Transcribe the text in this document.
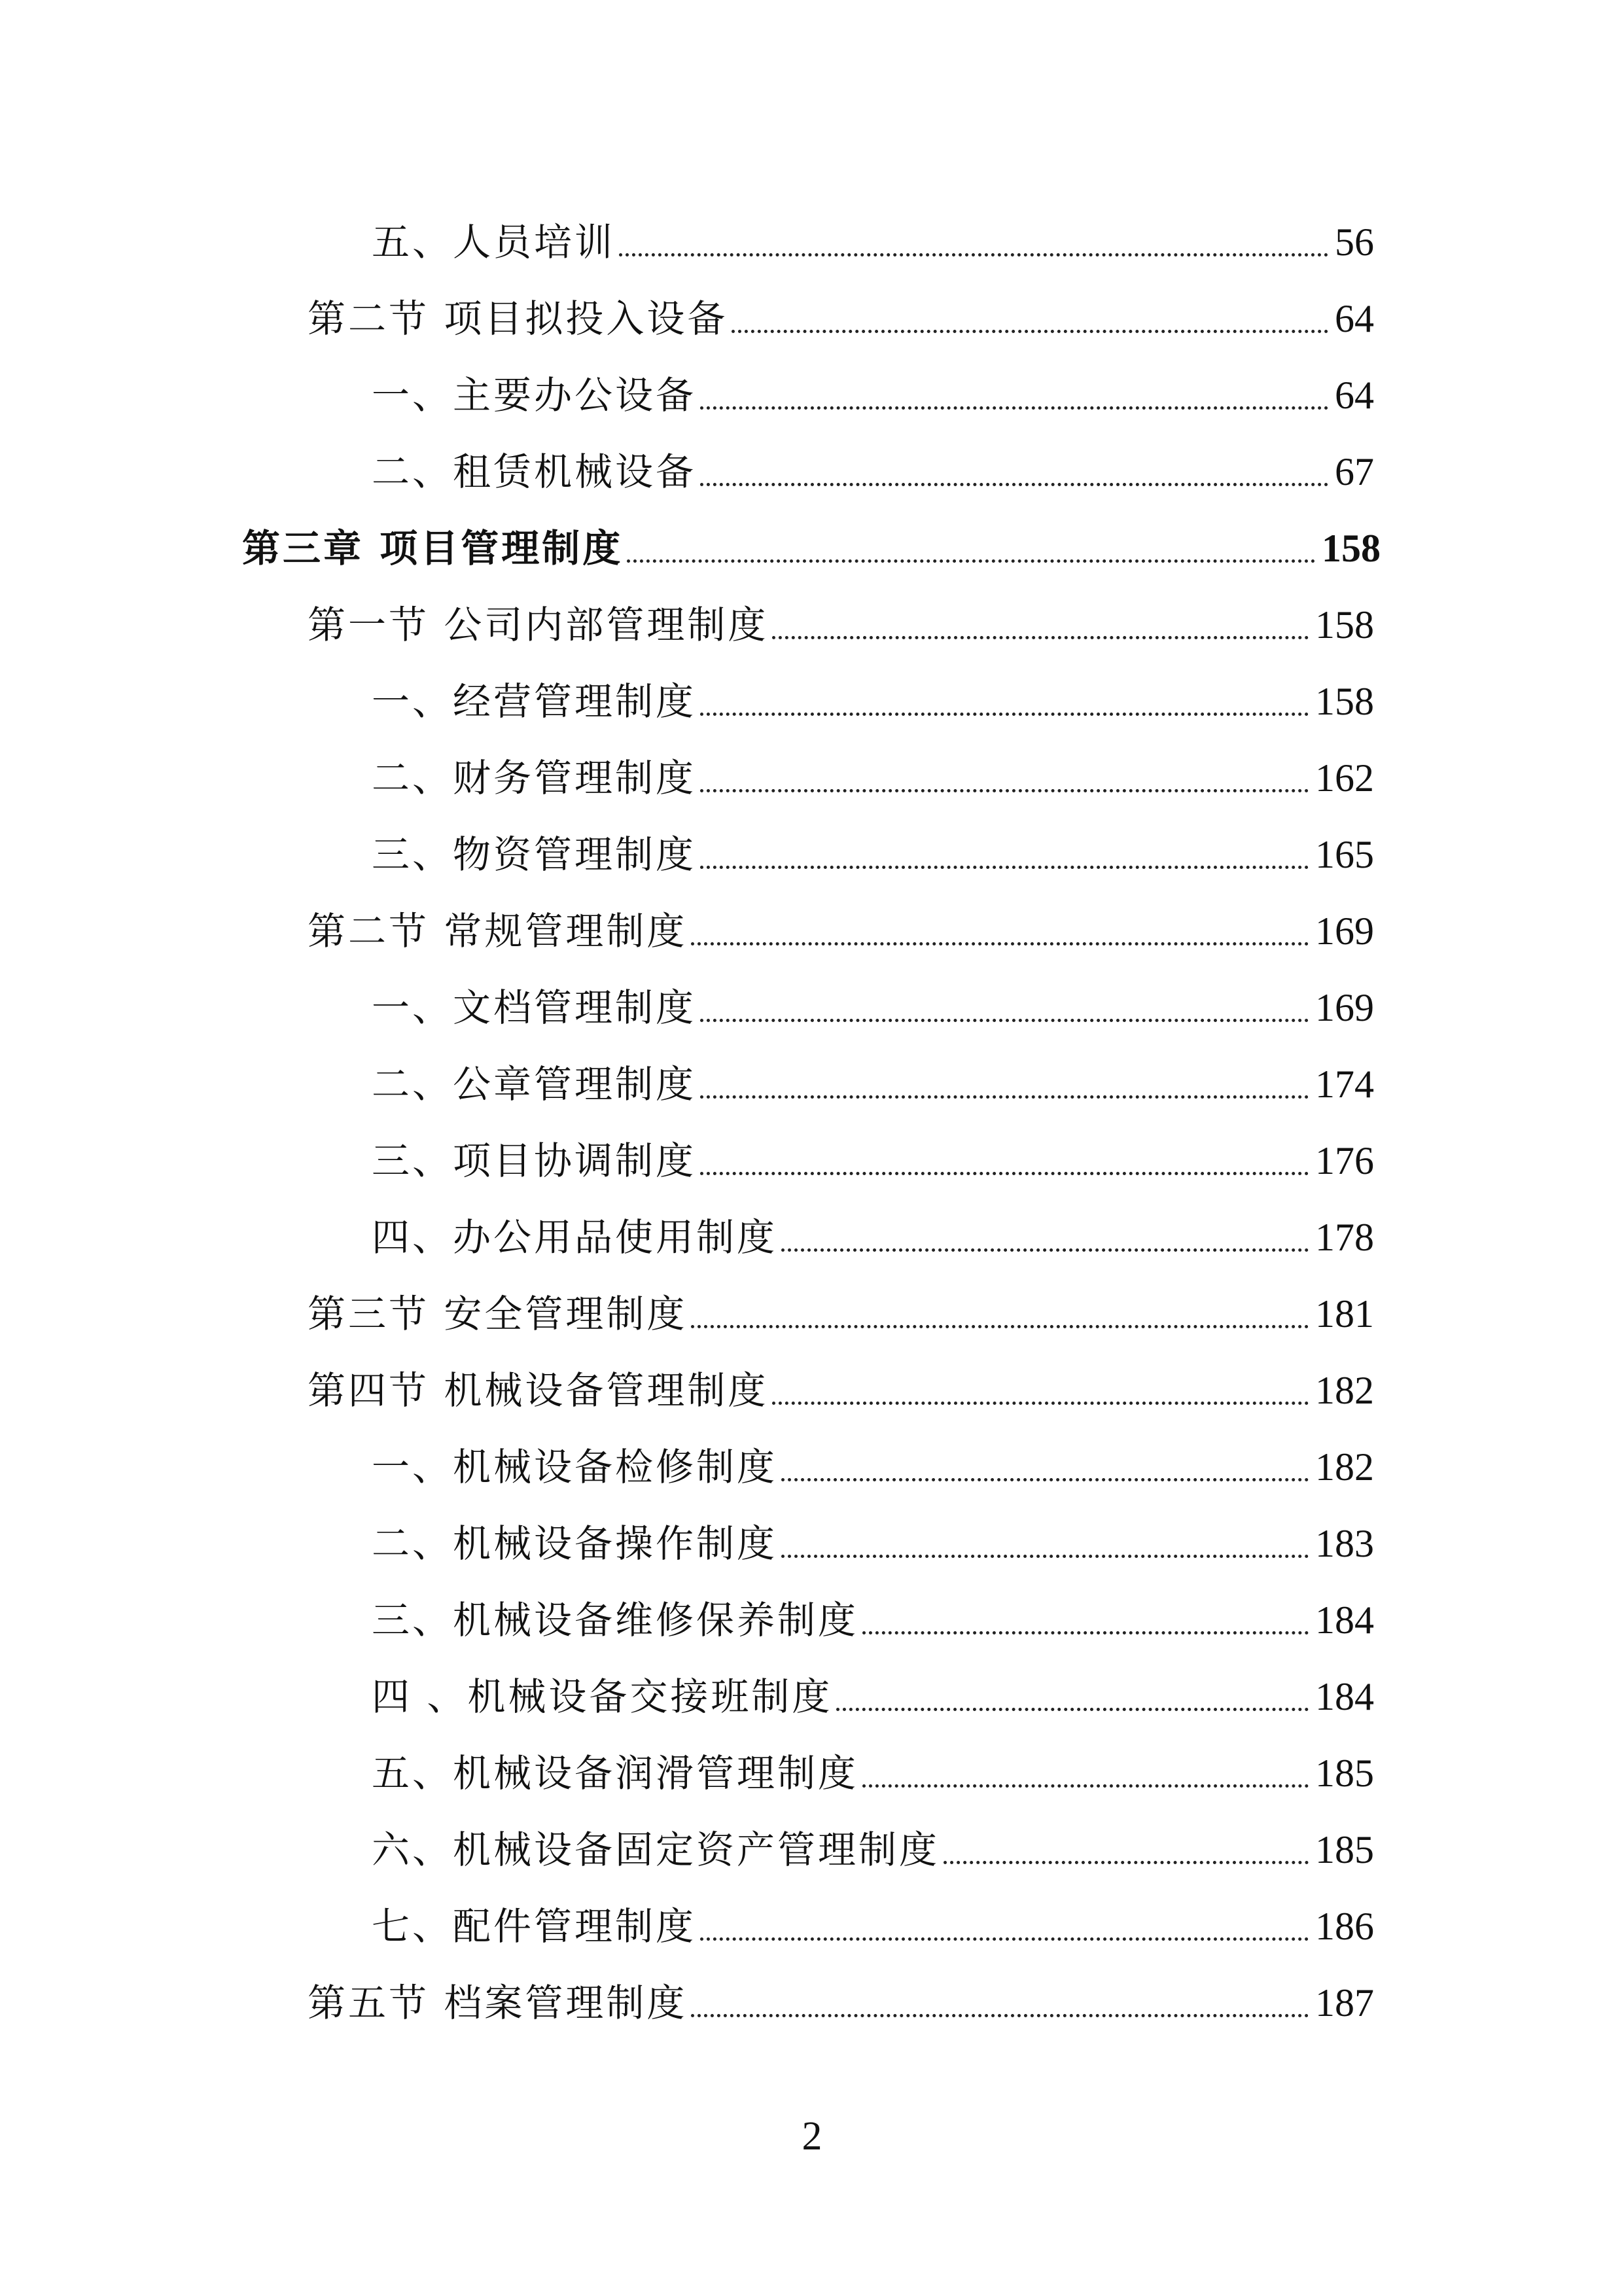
五、人员培训	56
第二节 项目拟投入设备	64
一、主要办公设备	64
二、租赁机械设备	67
第三章 项目管理制度	158
第一节 公司内部管理制度	158
一、经营管理制度	158
二、财务管理制度	162
三、物资管理制度	165
第二节 常规管理制度	169
一、文档管理制度	169
二、公章管理制度	174
三、项目协调制度	176
四、办公用品使用制度	178
第三节 安全管理制度	181
第四节 机械设备管理制度	182
一、机械设备检修制度	182
二、机械设备操作制度	183
三、机械设备维修保养制度	184
四 、机械设备交接班制度	184
五、机械设备润滑管理制度	185
六、机械设备固定资产管理制度	185
七、配件管理制度	186
第五节 档案管理制度	187
2
